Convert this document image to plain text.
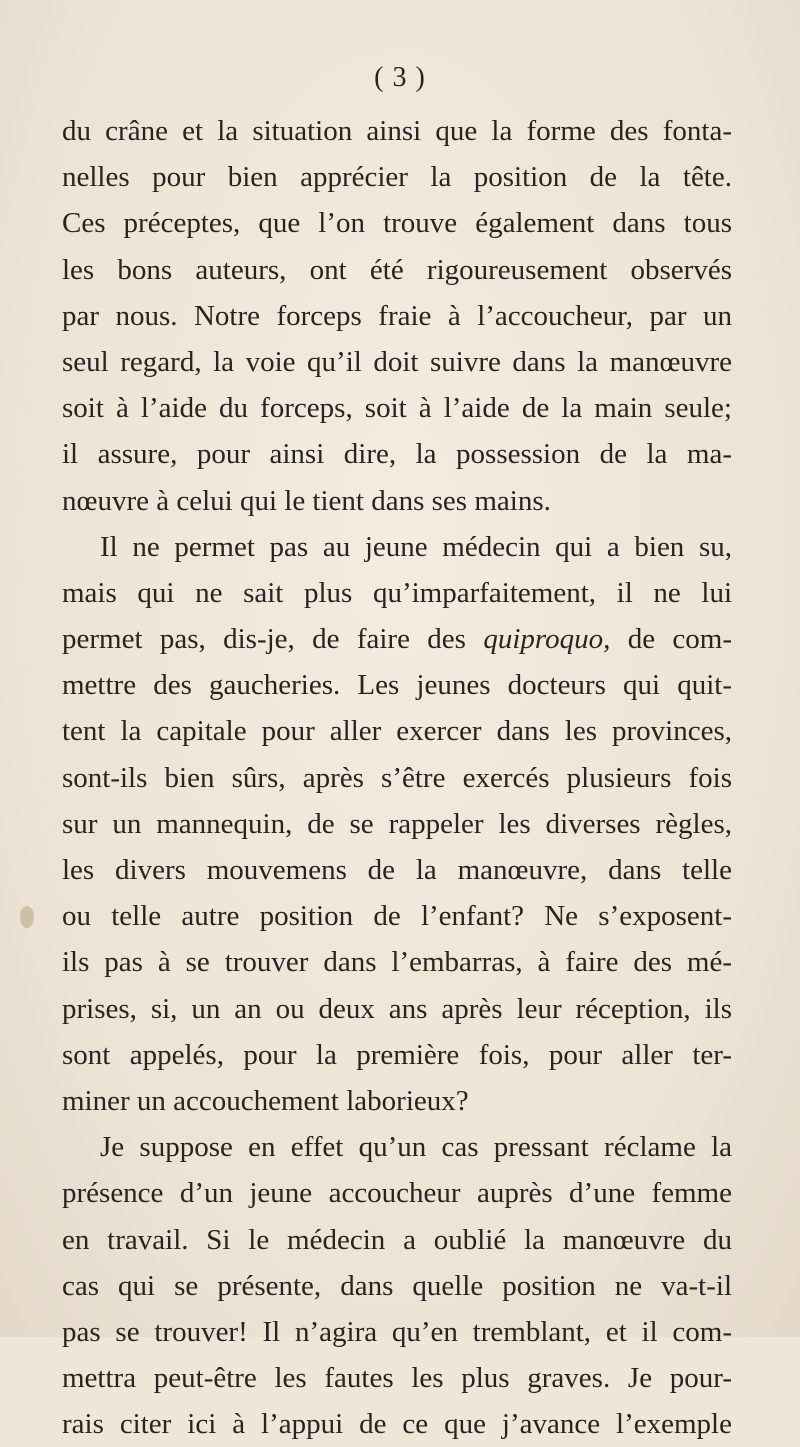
( 3 )
du crâne et la situation ainsi que la forme des fonta-
nelles pour bien apprécier la position de la tête.
Ces préceptes, que l’on trouve également dans tous
les bons auteurs, ont été rigoureusement observés
par nous. Notre forceps fraie à l’accoucheur, par un
seul regard, la voie qu’il doit suivre dans la manœuvre
soit à l’aide du forceps, soit à l’aide de la main seule;
il assure, pour ainsi dire, la possession de la ma-
nœuvre à celui qui le tient dans ses mains.
Il ne permet pas au jeune médecin qui a bien su,
mais qui ne sait plus qu’imparfaitement, il ne lui
permet pas, dis-je, de faire des quiproquo, de com-
mettre des gaucheries. Les jeunes docteurs qui quit-
tent la capitale pour aller exercer dans les provinces,
sont-ils bien sûrs, après s’être exercés plusieurs fois
sur un mannequin, de se rappeler les diverses règles,
les divers mouvemens de la manœuvre, dans telle
ou telle autre position de l’enfant? Ne s’exposent-
ils pas à se trouver dans l’embarras, à faire des mé-
prises, si, un an ou deux ans après leur réception, ils
sont appelés, pour la première fois, pour aller ter-
miner un accouchement laborieux?
Je suppose en effet qu’un cas pressant réclame la
présence d’un jeune accoucheur auprès d’une femme
en travail. Si le médecin a oublié la manœuvre du
cas qui se présente, dans quelle position ne va-t-il
pas se trouver! Il n’agira qu’en tremblant, et il com-
mettra peut-être les fautes les plus graves. Je pour-
rais citer ici à l’appui de ce que j’avance l’exemple
